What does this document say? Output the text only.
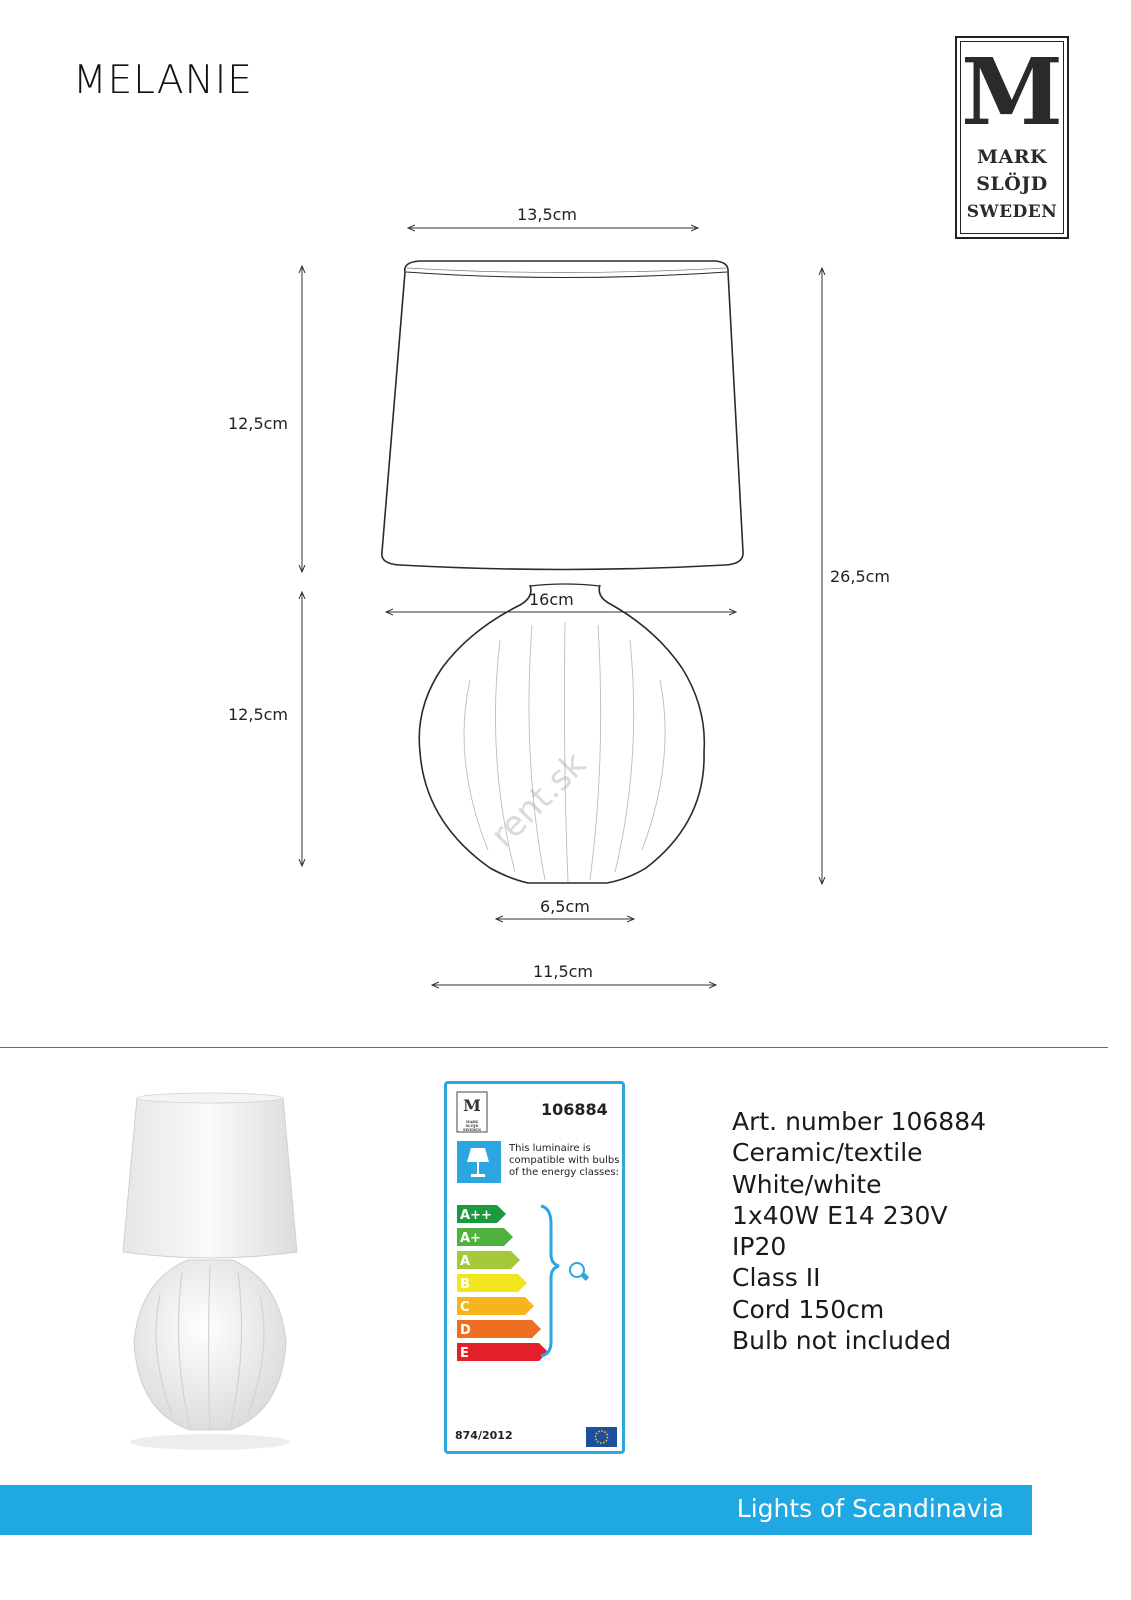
MELANIE	M
MARK
SLÖJD
SWEDEN
13,5cm
12,5cm
12,5cm
26,5cm
16cm
6,5cm
11,5cm
rent.sk
M
A++
A+
A
B
C
D
E
MARK
SLÖJD
SWEDEN
106884
This luminaire is
compatible with bulbs
of the energy classes:
874/2012
Art. number 106884
Ceramic/textile
White/white
1x40W E14 230V
IP20
Class II
Cord 150cm
Bulb not included
Lights of Scandinavia
